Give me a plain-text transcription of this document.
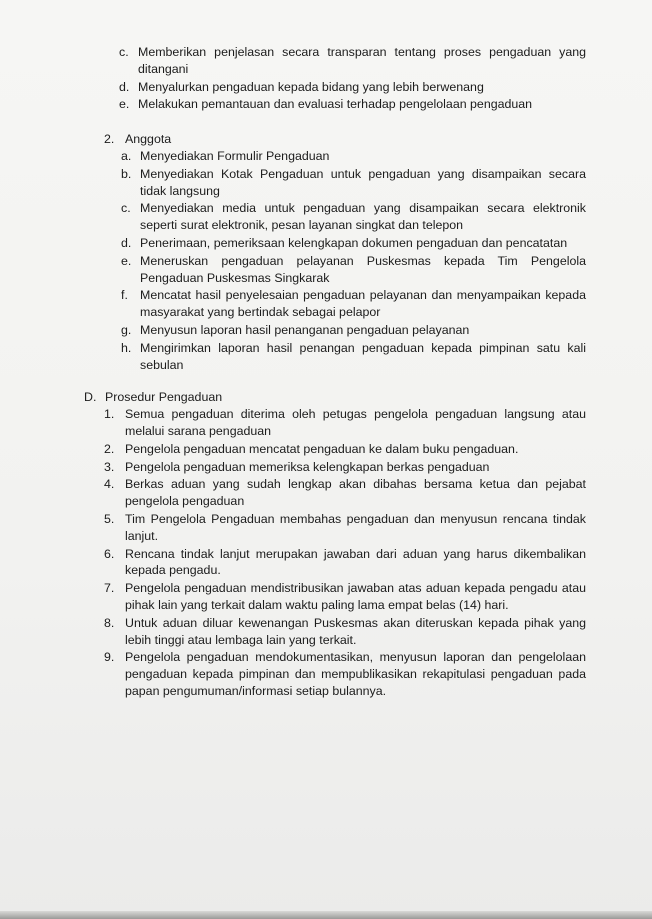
c. Memberikan penjelasan secara transparan tentang proses pengaduan yang ditangani
d. Menyalurkan pengaduan kepada bidang yang lebih berwenang
e. Melakukan pemantauan dan evaluasi terhadap pengelolaan pengaduan
2. Anggota
a. Menyediakan Formulir Pengaduan
b. Menyediakan Kotak Pengaduan untuk pengaduan yang disampaikan secara tidak langsung
c. Menyediakan media untuk pengaduan yang disampaikan secara elektronik seperti surat elektronik, pesan layanan singkat dan telepon
d. Penerimaan, pemeriksaan kelengkapan dokumen pengaduan dan pencatatan
e. Meneruskan pengaduan pelayanan Puskesmas kepada Tim Pengelola Pengaduan Puskesmas Singkarak
f. Mencatat hasil penyelesaian pengaduan pelayanan dan menyampaikan kepada masyarakat yang bertindak sebagai pelapor
g. Menyusun laporan hasil penanganan pengaduan pelayanan
h. Mengirimkan laporan hasil penangan pengaduan kepada pimpinan satu kali sebulan
D. Prosedur Pengaduan
1. Semua pengaduan diterima oleh petugas pengelola pengaduan langsung atau melalui sarana pengaduan
2. Pengelola pengaduan mencatat pengaduan ke dalam buku pengaduan.
3. Pengelola pengaduan memeriksa kelengkapan berkas pengaduan
4. Berkas aduan yang sudah lengkap akan dibahas bersama ketua dan pejabat pengelola pengaduan
5. Tim Pengelola Pengaduan membahas pengaduan dan menyusun rencana tindak lanjut.
6. Rencana tindak lanjut merupakan jawaban dari aduan yang harus dikembalikan kepada pengadu.
7. Pengelola pengaduan mendistribusikan jawaban atas aduan kepada pengadu atau pihak lain yang terkait dalam waktu paling lama empat belas (14) hari.
8. Untuk aduan diluar kewenangan Puskesmas akan diteruskan kepada pihak yang lebih tinggi atau lembaga lain yang terkait.
9. Pengelola pengaduan mendokumentasikan, menyusun laporan dan pengelolaan pengaduan kepada pimpinan dan mempublikasikan rekapitulasi pengaduan pada papan pengumuman/informasi setiap bulannya.
